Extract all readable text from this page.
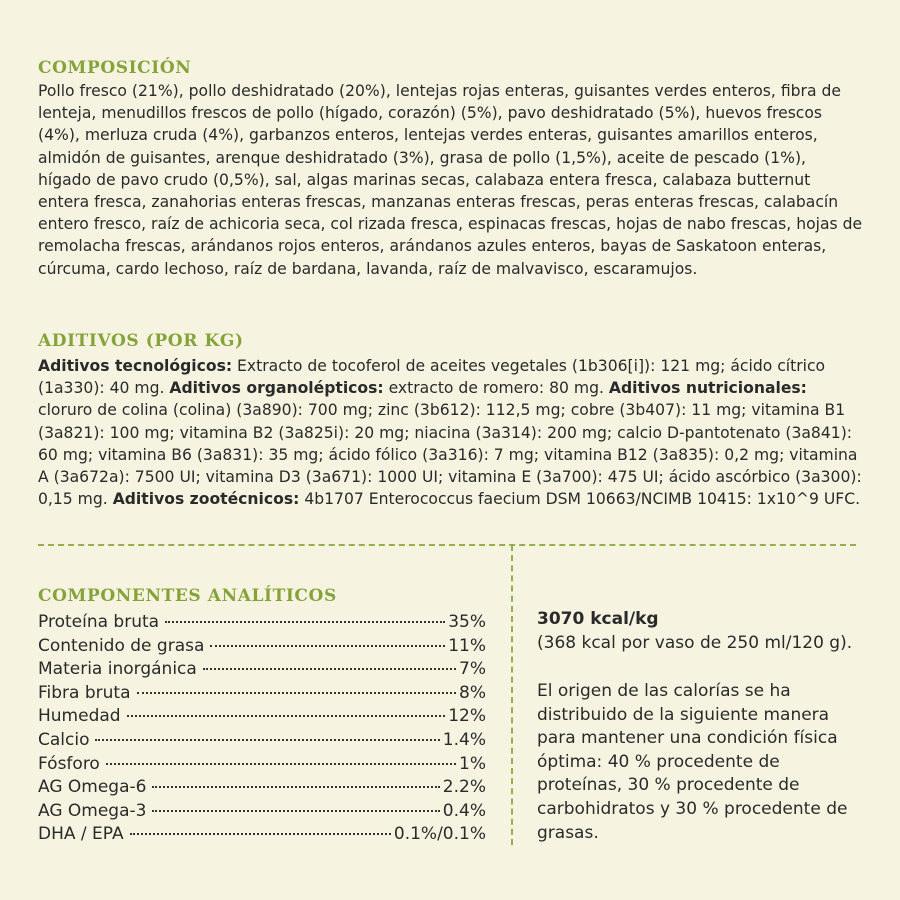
COMPOSICIÓN

Pollo fresco (21%), pollo deshidratado (20%), lentejas rojas enteras, guisantes verdes enteros, fibra de lenteja, menudillos frescos de pollo (hígado, corazón) (5%), pavo deshidratado (5%), huevos frescos (4%), merluza cruda (4%), garbanzos enteros, lentejas verdes enteras, guisantes amarillos enteros, almidón de guisantes, arenque deshidratado (3%), grasa de pollo (1,5%), aceite de pescado (1%), hígado de pavo crudo (0,5%), sal, algas marinas secas, calabaza entera fresca, calabaza butternut entera fresca, zanahorias enteras frescas, manzanas enteras frescas, peras enteras frescas, calabacín entero fresco, raíz de achicoria seca, col rizada fresca, espinacas frescas, hojas de nabo frescas, hojas de remolacha frescas, arándanos rojos enteros, arándanos azules enteros, bayas de Saskatoon enteras, cúrcuma, cardo lechoso, raíz de bardana, lavanda, raíz de malvavisco, escaramujos.

ADITIVOS (POR KG)

Aditivos tecnológicos: Extracto de tocoferol de aceites vegetales (1b306[i]): 121 mg; ácido cítrico (1a330): 40 mg. Aditivos organolépticos: extracto de romero: 80 mg. Aditivos nutricionales: cloruro de colina (colina) (3a890): 700 mg; zinc (3b612): 112,5 mg; cobre (3b407): 11 mg; vitamina B1 (3a821): 100 mg; vitamina B2 (3a825i): 20 mg; niacina (3a314): 200 mg; calcio D-pantotenato (3a841): 60 mg; vitamina B6 (3a831): 35 mg; ácido fólico (3a316): 7 mg; vitamina B12 (3a835): 0,2 mg; vitamina A (3a672a): 7500 UI; vitamina D3 (3a671): 1000 UI; vitamina E (3a700): 475 UI; ácido ascórbico (3a300): 0,15 mg. Aditivos zootécnicos: 4b1707 Enterococcus faecium DSM 10663/NCIMB 10415: 1x10^9 UFC.

COMPONENTES ANALÍTICOS
Proteína bruta	35%
Contenido de grasa	11%
Materia inorgánica	7%
Fibra bruta	8%
Humedad	12%
Calcio	1.4%
Fósforo	1%
AG Omega-6	2.2%
AG Omega-3	0.4%
DHA / EPA	0.1%/0.1%

3070 kcal/kg

(368 kcal por vaso de 250 ml/120 g).

El origen de las calorías se ha distribuido de la siguiente manera para mantener una condición física óptima: 40 % procedente de proteínas, 30 % procedente de carbohidratos y 30 % procedente de grasas.
